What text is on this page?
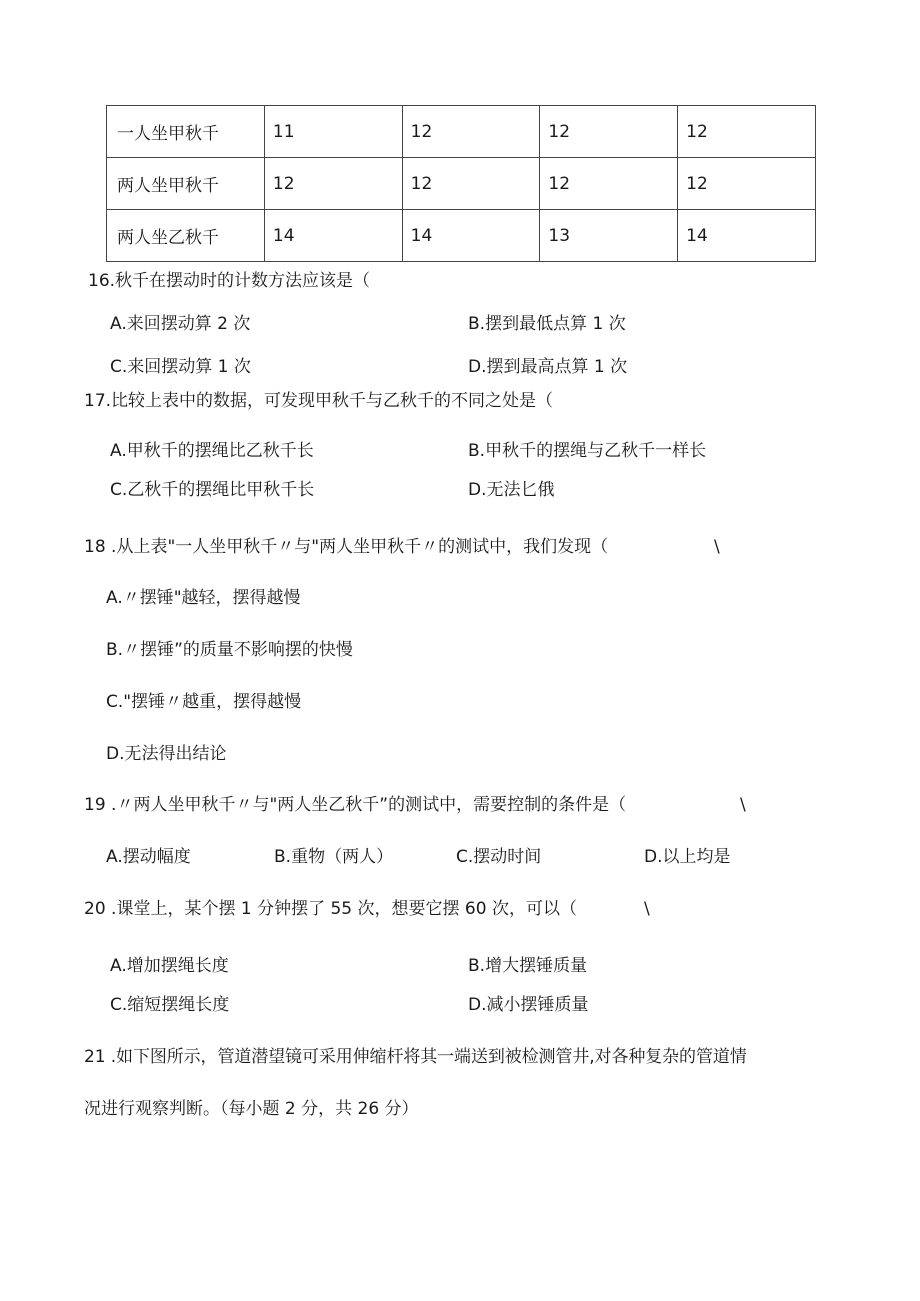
一人坐甲秋千	11	12	12	12
两人坐甲秋千	12	12	12	12
两人坐乙秋千	14	14	13	14
16.秋千在摆动时的计数方法应该是（
A.来回摆动算 2 次	B.摆到最低点算 1 次
C.来回摆动算 1 次	D.摆到最高点算 1 次
17.比较上表中的数据，可发现甲秋千与乙秋千的不同之处是（
A.甲秋千的摆绳比乙秋千长	B.甲秋千的摆绳与乙秋千一样长
C.乙秋千的摆绳比甲秋千长	D.无法匕俄
18 .从上表"一人坐甲秋千〃与"两人坐甲秋千〃的测试中，我们发现（	\
A.〃摆锤"越轻，摆得越慢
B.〃摆锤”的质量不影响摆的快慢
C."摆锤〃越重，摆得越慢
D.无法得出结论
19 .〃两人坐甲秋千〃与"两人坐乙秋千”的测试中，需要控制的条件是（	\
A.摆动幅度	B.重物（两人）	C.摆动时间	D.以上均是
20 .课堂上，某个摆 1 分钟摆了 55 次，想要它摆 60 次，可以（	\
A.增加摆绳长度	B.增大摆锤质量
C.缩短摆绳长度	D.减小摆锤质量
21 .如下图所示，管道潜望镜可采用伸缩杆将其一端送到被检测管井,对各种复杂的管道情
况进行观察判断。（每小题 2 分，共 26 分）
